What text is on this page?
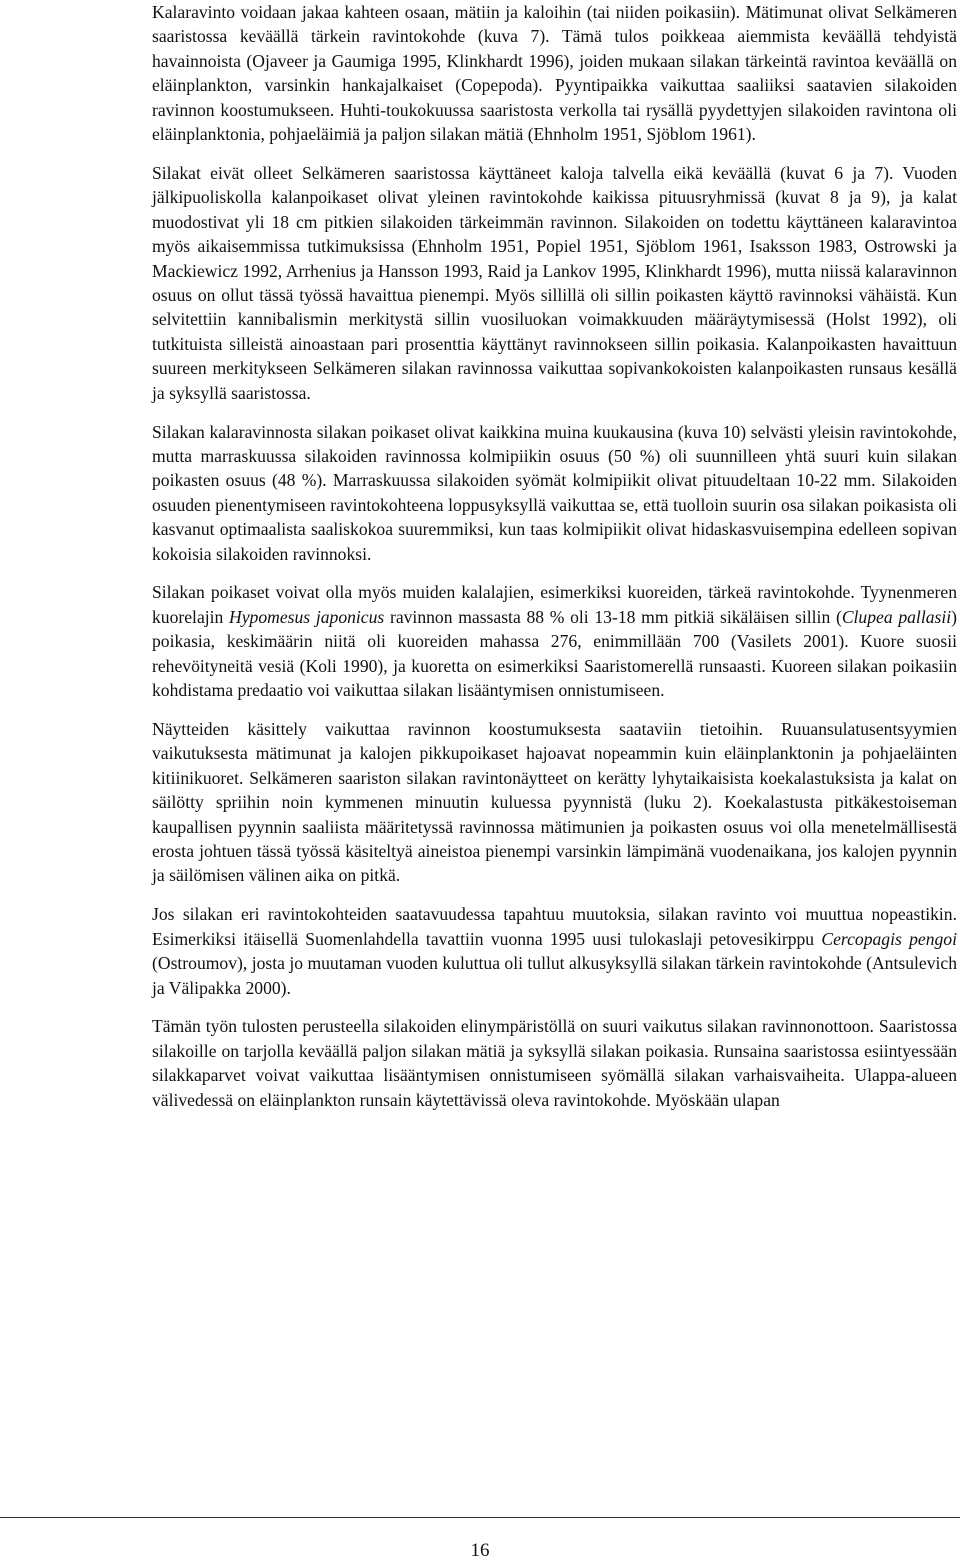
Kalaravinto voidaan jakaa kahteen osaan, mätiin ja kaloihin (tai niiden poikasiin). Mätimunat olivat Selkämeren saaristossa keväällä tärkein ravintokohde (kuva 7). Tämä tulos poikkeaa aiemmista keväällä tehdyistä havainnoista (Ojaveer ja Gaumiga 1995, Klinkhardt 1996), joiden mukaan silakan tärkeintä ravintoa keväällä on eläinplankton, varsinkin hankajalkaiset (Copepoda). Pyyntipaikka vaikuttaa saaliiksi saatavien silakoiden ravinnon koostumukseen. Huhti-toukokuussa saaristosta verkolla tai rysällä pyydettyjen silakoiden ravintona oli eläinplanktonia, pohjaeläimiä ja paljon silakan mätiä (Ehnholm 1951, Sjöblom 1961).

Silakat eivät olleet Selkämeren saaristossa käyttäneet kaloja talvella eikä keväällä (kuvat 6 ja 7). Vuoden jälkipuoliskolla kalanpoikaset olivat yleinen ravintokohde kaikissa pituusryhmissä (kuvat 8 ja 9), ja kalat muodostivat yli 18 cm pitkien silakoiden tärkeimmän ravinnon. Silakoiden on todettu käyttäneen kalaravintoa myös aikaisemmissa tutkimuksissa (Ehnholm 1951, Popiel 1951, Sjöblom 1961, Isaksson 1983, Ostrowski ja Mackiewicz 1992, Arrhenius ja Hansson 1993, Raid ja Lankov 1995, Klinkhardt 1996), mutta niissä kalaravinnon osuus on ollut tässä työssä havaittua pienempi. Myös sillillä oli sillin poikasten käyttö ravinnoksi vähäistä. Kun selvitettiin kannibalismin merkitystä sillin vuosiluokan voimakkuuden määräytymisessä (Holst 1992), oli tutkituista silleistä ainoastaan pari prosenttia käyttänyt ravinnokseen sillin poikasia. Kalanpoikasten havaittuun suureen merkitykseen Selkämeren silakan ravinnossa vaikuttaa sopivankokoisten kalanpoikasten runsaus kesällä ja syksyllä saaristossa.

Silakan kalaravinnosta silakan poikaset olivat kaikkina muina kuukausina (kuva 10) selvästi yleisin ravintokohde, mutta marraskuussa silakoiden ravinnossa kolmipiikin osuus (50 %) oli suunnilleen yhtä suuri kuin silakan poikasten osuus (48 %). Marraskuussa silakoiden syömät kolmipiikit olivat pituudeltaan 10-22 mm. Silakoiden osuuden pienentymiseen ravintokohteena loppusyksyllä vaikuttaa se, että tuolloin suurin osa silakan poikasista oli kasvanut optimaalista saaliskokoa suuremmiksi, kun taas kolmipiikit olivat hidaskasvuisempina edelleen sopivan kokoisia silakoiden ravinnoksi.

Silakan poikaset voivat olla myös muiden kalalajien, esimerkiksi kuoreiden, tärkeä ravintokohde. Tyynenmeren kuorelajin Hypomesus japonicus ravinnon massasta 88 % oli 13-18 mm pitkiä sikäläisen sillin (Clupea pallasii) poikasia, keskimäärin niitä oli kuoreiden mahassa 276, enimmillään 700 (Vasilets 2001). Kuore suosii rehevöityneitä vesiä (Koli 1990), ja kuoretta on esimerkiksi Saaristomerellä runsaasti. Kuoreen silakan poikasiin kohdistama predaatio voi vaikuttaa silakan lisääntymisen onnistumiseen.

Näytteiden käsittely vaikuttaa ravinnon koostumuksesta saataviin tietoihin. Ruuansulatusentsyymien vaikutuksesta mätimunat ja kalojen pikkupoikaset hajoavat nopeammin kuin eläinplanktonin ja pohjaeläinten kitiinikuoret. Selkämeren saariston silakan ravintonäytteet on kerätty lyhytaikaisista koekalastuksista ja kalat on säilötty spriihin noin kymmenen minuutin kuluessa pyynnistä (luku 2). Koekalastusta pitkäkestoiseman kaupallisen pyynnin saaliista määritetyssä ravinnossa mätimunien ja poikasten osuus voi olla menetelmällisestä erosta johtuen tässä työssä käsiteltyä aineistoa pienempi varsinkin lämpimänä vuodenaikana, jos kalojen pyynnin ja säilömisen välinen aika on pitkä.

Jos silakan eri ravintokohteiden saatavuudessa tapahtuu muutoksia, silakan ravinto voi muuttua nopeastikin. Esimerkiksi itäisellä Suomenlahdella tavattiin vuonna 1995 uusi tulokaslaji petovesikirppu Cercopagis pengoi (Ostroumov), josta jo muutaman vuoden kuluttua oli tullut alkusyksyllä silakan tärkein ravintokohde (Antsulevich ja Välipakka 2000).

Tämän työn tulosten perusteella silakoiden elinympäristöllä on suuri vaikutus silakan ravinnonottoon. Saaristossa silakoille on tarjolla keväällä paljon silakan mätiä ja syksyllä silakan poikasia. Runsaina saaristossa esiintyessään silakkaparvet voivat vaikuttaa lisääntymisen onnistumiseen syömällä silakan varhaisvaiheita. Ulappa-alueen välivedessä on eläinplankton runsain käytettävissä oleva ravintokohde. Myöskään ulapan

16
